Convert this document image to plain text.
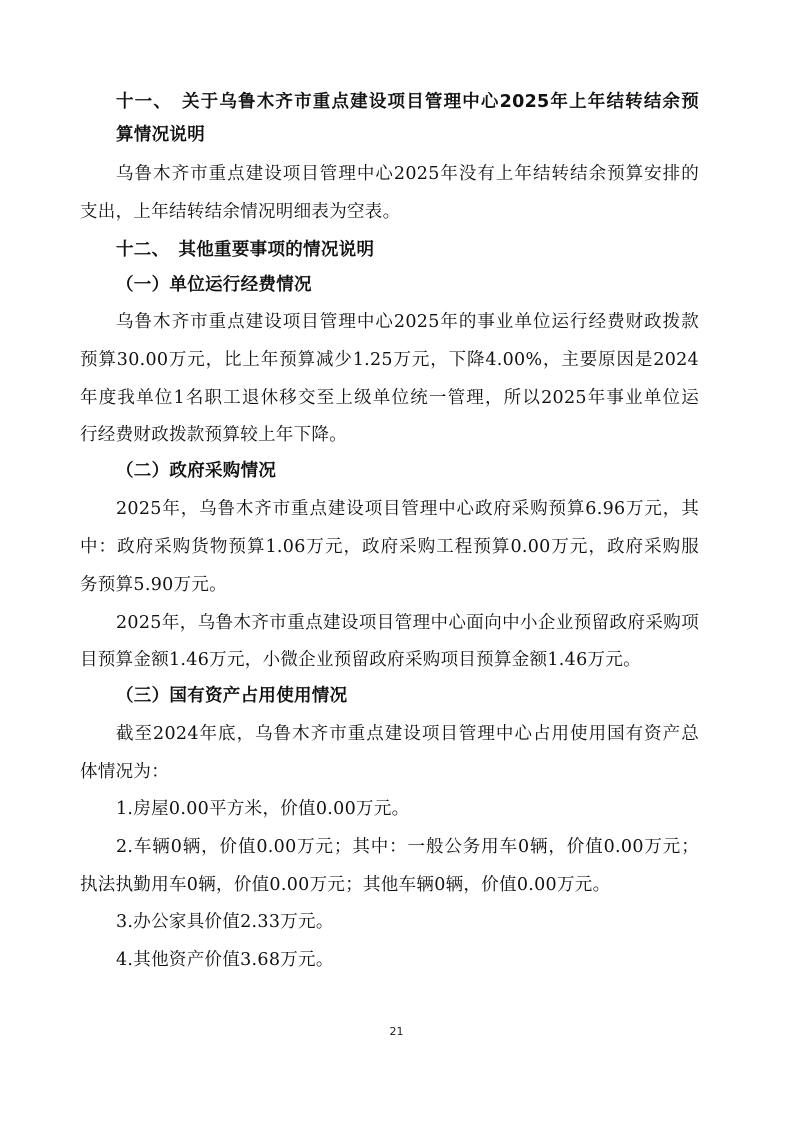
十一、　关于乌鲁木齐市重点建设项目管理中心2025年上年结转结余预
算情况说明
乌鲁木齐市重点建设项目管理中心2025年没有上年结转结余预算安排的
支出，上年结转结余情况明细表为空表。
十二、　其他重要事项的情况说明
（一）单位运行经费情况
乌鲁木齐市重点建设项目管理中心2025年的事业单位运行经费财政拨款
预算30.00万元，比上年预算减少1.25万元，下降4.00%，主要原因是2024
年度我单位1名职工退休移交至上级单位统一管理，所以2025年事业单位运
行经费财政拨款预算较上年下降。
（二）政府采购情况
2025年，乌鲁木齐市重点建设项目管理中心政府采购预算6.96万元，其
中：政府采购货物预算1.06万元，政府采购工程预算0.00万元，政府采购服
务预算5.90万元。
2025年，乌鲁木齐市重点建设项目管理中心面向中小企业预留政府采购项
目预算金额1.46万元，小微企业预留政府采购项目预算金额1.46万元。
（三）国有资产占用使用情况
截至2024年底，乌鲁木齐市重点建设项目管理中心占用使用国有资产总
体情况为：
1.房屋0.00平方米，价值0.00万元。
2.车辆0辆，价值0.00万元；其中：一般公务用车0辆，价值0.00万元；
执法执勤用车0辆，价值0.00万元；其他车辆0辆，价值0.00万元。
3.办公家具价值2.33万元。
4.其他资产价值3.68万元。
21
